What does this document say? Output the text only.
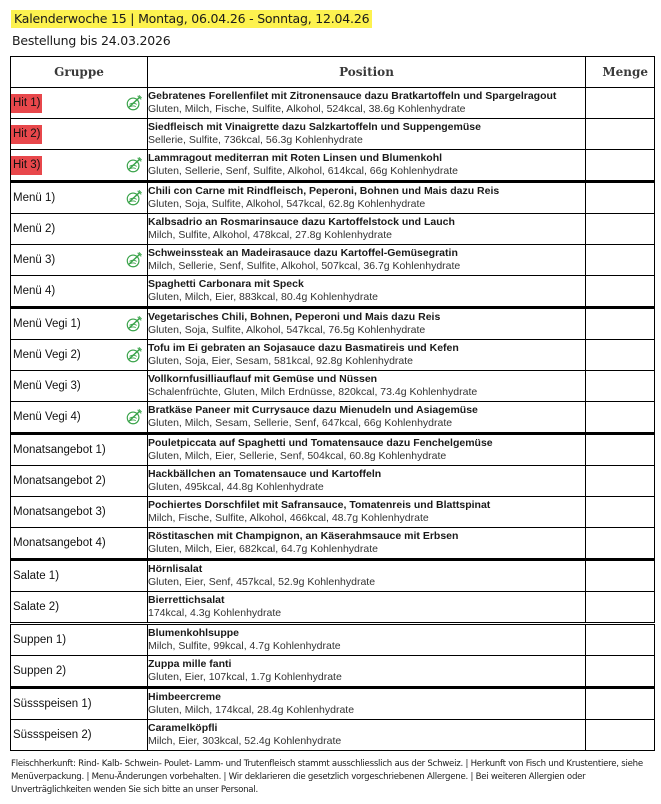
Kalenderwoche 15 | Montag, 06.04.26 - Sonntag, 12.04.26
Bestellung bis 24.03.2026
Gruppe	Position	Menge
Hit 1)	Gebratenes Forellenfilet mit Zitronensauce dazu Bratkartoffeln und Spargelragout
Gluten, Milch, Fische, Sulfite, Alkohol, 524kcal, 38.6g Kohlenhydrate	

Hit 2)	Siedfleisch mit Vinaigrette dazu Salzkartoffeln und Suppengemüse
Sellerie, Sulfite, 736kcal, 56.3g Kohlenhydrate	

Hit 3)	Lammragout mediterran mit Roten Linsen und Blumenkohl
Gluten, Sellerie, Senf, Sulfite, Alkohol, 614kcal, 66g Kohlenhydrate	

Menü 1)	Chili con Carne mit Rindfleisch, Peperoni, Bohnen und Mais dazu Reis
Gluten, Soja, Sulfite, Alkohol, 547kcal, 62.8g Kohlenhydrate	

Menü 2)	Kalbsadrio an Rosmarinsauce dazu Kartoffelstock und Lauch
Milch, Sulfite, Alkohol, 478kcal, 27.8g Kohlenhydrate	

Menü 3)	Schweinssteak an Madeirasauce dazu Kartoffel-Gemüsegratin
Milch, Sellerie, Senf, Sulfite, Alkohol, 507kcal, 36.7g Kohlenhydrate	

Menü 4)	Spaghetti Carbonara mit Speck
Gluten, Milch, Eier, 883kcal, 80.4g Kohlenhydrate	

Menü Vegi 1)	Vegetarisches Chili, Bohnen, Peperoni und Mais dazu Reis
Gluten, Soja, Sulfite, Alkohol, 547kcal, 76.5g Kohlenhydrate	

Menü Vegi 2)	Tofu im Ei gebraten an Sojasauce dazu Basmatireis und Kefen
Gluten, Soja, Eier, Sesam, 581kcal, 92.8g Kohlenhydrate	

Menü Vegi 3)	Vollkornfusilliauflauf mit Gemüse und Nüssen
Schalenfrüchte, Gluten, Milch Erdnüsse, 820kcal, 73.4g Kohlenhydrate	

Menü Vegi 4)	Bratkäse Paneer mit Currysauce dazu Mienudeln und Asiagemüse
Gluten, Milch, Sesam, Sellerie, Senf, 647kcal, 66g Kohlenhydrate	

Monatsangebot 1)	Pouletpiccata auf Spaghetti und Tomatensauce dazu Fenchelgemüse
Gluten, Milch, Eier, Sellerie, Senf, 504kcal, 60.8g Kohlenhydrate	

Monatsangebot 2)	Hackbällchen an Tomatensauce und Kartoffeln
Gluten, 495kcal, 44.8g Kohlenhydrate	

Monatsangebot 3)	Pochiertes Dorschfilet mit Safransauce, Tomatenreis und Blattspinat
Milch, Fische, Sulfite, Alkohol, 466kcal, 48.7g Kohlenhydrate	

Monatsangebot 4)	Röstitaschen mit Champignon, an Käserahmsauce mit Erbsen
Gluten, Milch, Eier, 682kcal, 64.7g Kohlenhydrate	

Salate 1)	Hörnlisalat
Gluten, Eier, Senf, 457kcal, 52.9g Kohlenhydrate	

Salate 2)	Bierrettichsalat
174kcal, 4.3g Kohlenhydrate	

Suppen 1)	Blumenkohlsuppe
Milch, Sulfite, 99kcal, 4.7g Kohlenhydrate	

Suppen 2)	Zuppa mille fanti
Gluten, Eier, 107kcal, 1.7g Kohlenhydrate	

Süssspeisen 1)	Himbeercreme
Gluten, Milch, 174kcal, 28.4g Kohlenhydrate	

Süssspeisen 2)	Caramelköpfli
Milch, Eier, 303kcal, 52.4g Kohlenhydrate	

Fleischherkunft: Rind- Kalb- Schwein- Poulet- Lamm- und Trutenfleisch stammt ausschliesslich aus der Schweiz. | Herkunft von Fisch und Krustentiere, siehe Menüverpackung. | Menu-Änderungen vorbehalten. | Wir deklarieren die gesetzlich vorgeschriebenen Allergene. | Bei weiteren Allergien oder Unverträglichkeiten wenden Sie sich bitte an unser Personal.
